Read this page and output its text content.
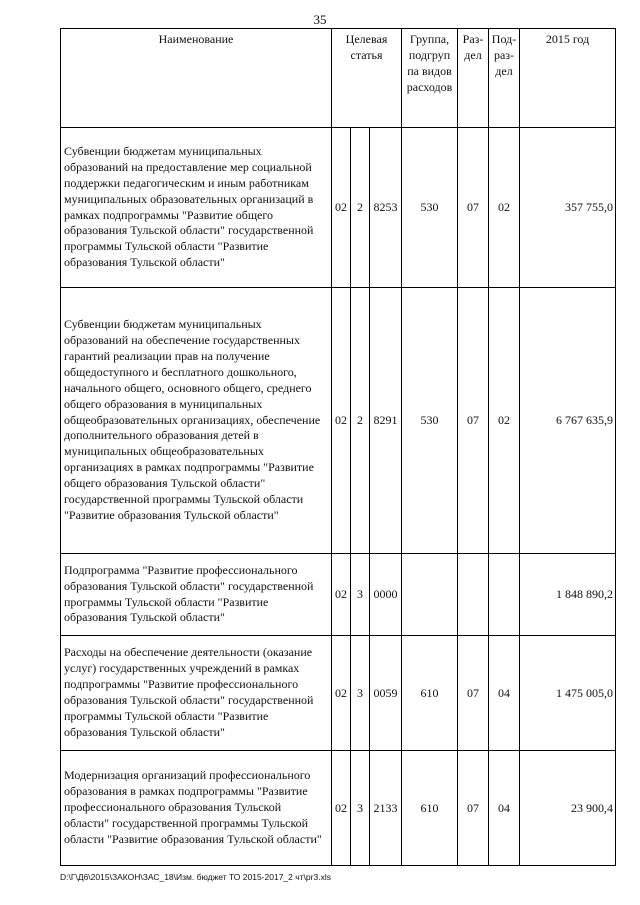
35
Наименование	Целевая статья			Группа, подгруп па видов расходов	Раз- дел	Под- раз- дел	2015 год
Субвенции бюджетам муниципальных образований на предоставление мер социальной поддержки педагогическим и иным работникам муниципальных образовательных организаций в рамках подпрограммы "Развитие общего образования Тульской области" государственной программы Тульской области "Развитие образования Тульской области"	02	2	8253	530	07	02	357 755,0
Субвенции бюджетам муниципальных образований на обеспечение государственных гарантий реализации прав на получение общедоступного и бесплатного дошкольного, начального общего, основного общего, среднего общего образования в муниципальных общеобразовательных организациях, обеспечение дополнительного образования детей в муниципальных общеобразовательных организациях в рамках подпрограммы "Развитие общего образования Тульской области" государственной программы Тульской области "Развитие образования Тульской области"	02	2	8291	530	07	02	6 767 635,9
Подпрограмма "Развитие профессионального образования Тульской области" государственной программы Тульской области "Развитие образования Тульской области"	02	3	0000				1 848 890,2
Расходы на обеспечение деятельности (оказание услуг) государственных учреждений в рамках подпрограммы "Развитие профессионального образования Тульской области" государственной программы Тульской области "Развитие образования Тульской области"	02	3	0059	610	07	04	1 475 005,0
Модернизация организаций профессионального образования в рамках подпрограммы "Развитие профессионального образования Тульской области" государственной программы Тульской области "Развитие образования Тульской области"	02	3	2133	610	07	04	23 900,4
D:\Г\Д6\2015\ЗАКОН\ЗАС_18\Изм. бюджет ТО 2015-2017_2 чт\pr3.xls
